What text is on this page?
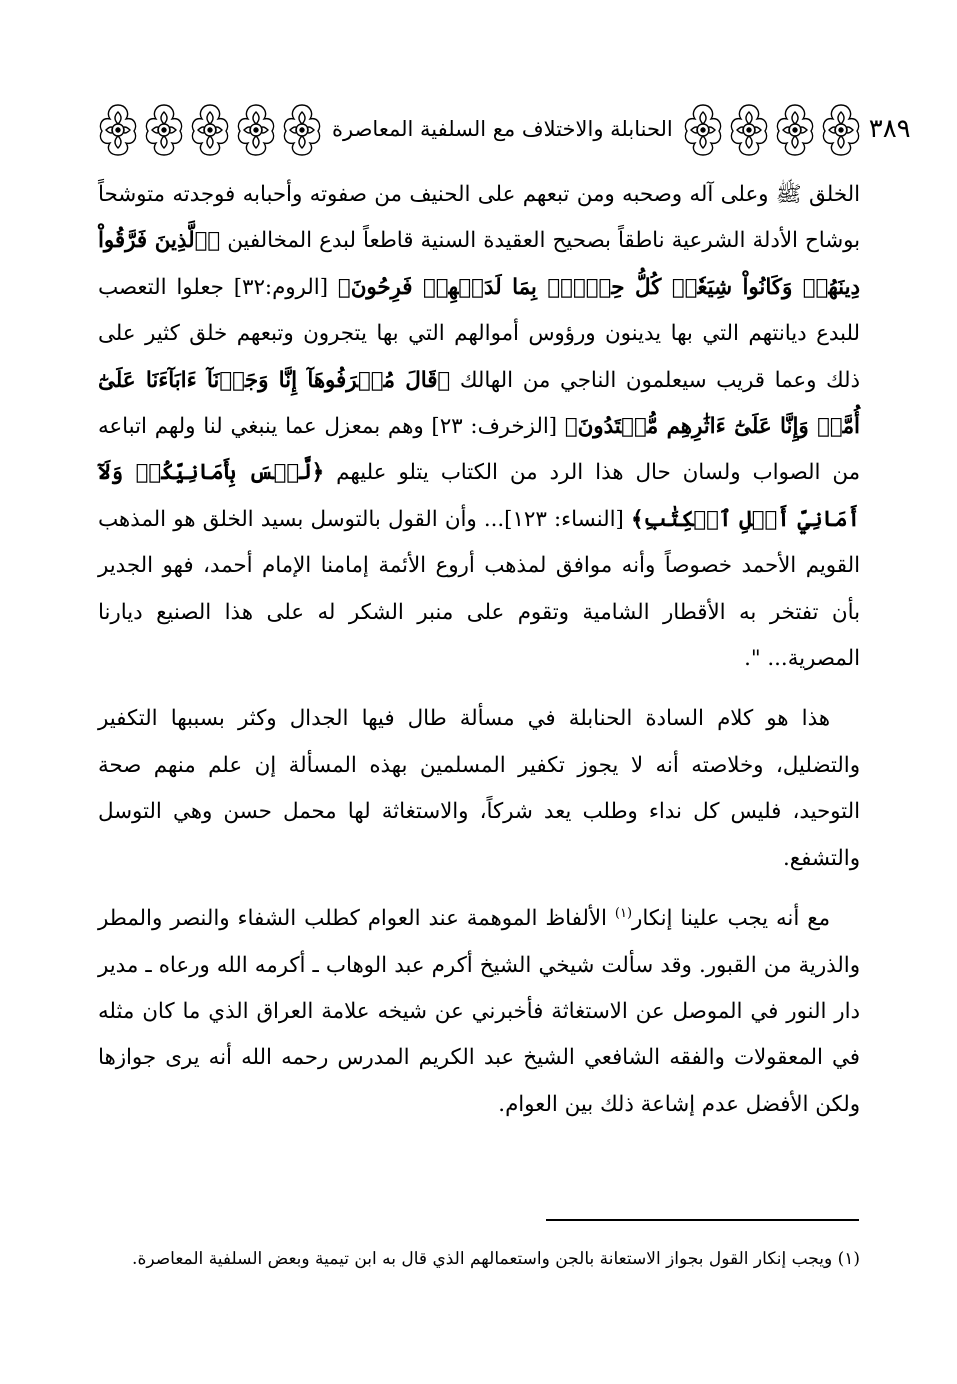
الحنابلة والاختلاف مع السلفية المعاصرة	٣٨٩

الخلق ﷺ وعلى آله وصحبه ومن تبعهم على الحنيف من صفوته وأحبابه فوجدته متوشحاً بوشاح الأدلة الشرعية ناطقاً بصحيح العقيدة السنية قاطعاً لبدع المخالفين ﴿ٱلَّذِينَ فَرَّقُواْ دِينَهُمۡ وَكَانُواْ شِيَعٗاۖ كُلُّ حِزۡبِۭ بِمَا لَدَيۡهِمۡ فَرِحُونَ﴾ [الروم:٣٢] جعلوا التعصب للبدع ديانتهم التي بها يدينون ورؤوس أموالهم التي بها يتجرون وتبعهم خلق كثير على ذلك وعما قريب سيعلمون الناجي من الهالك ﴿قَالَ مُتۡرَفُوهَآ إِنَّا وَجَدۡنَآ ءَابَآءَنَا عَلَىٰٓ أُمَّةٖ وَإِنَّا عَلَىٰٓ ءَاثَٰرِهِم مُّقۡتَدُونَ﴾ [الزخرف: ٢٣] وهم بمعزل عما ينبغي لنا ولهم اتباعه من الصواب ولسان حال هذا الرد من الكتاب يتلو عليهم ﴿لَّيۡسَ بِأَمَانِيِّكُمۡ وَلَآ أَمَانِيِّ أَهۡلِ ٱلۡكِتَٰبِ﴾ [النساء: ١٢٣]... وأن القول بالتوسل بسيد الخلق هو المذهب القويم الأحمد خصوصاً وأنه موافق لمذهب أروع الأئمة إمامنا الإمام أحمد، فهو الجدير بأن تفتخر به الأقطار الشامية وتقوم على منبر الشكر له على هذا الصنيع ديارنا المصرية... ".

هذا هو كلام السادة الحنابلة في مسألة طال فيها الجدال وكثر بسببها التكفير والتضليل، وخلاصته أنه لا يجوز تكفير المسلمين بهذه المسألة إن علم منهم صحة التوحيد، فليس كل نداء وطلب يعد شركاً، والاستغاثة لها محمل حسن وهي التوسل والتشفع.

مع أنه يجب علينا إنكار$^{(١)}$ الألفاظ الموهمة عند العوام كطلب الشفاء والنصر والمطر والذرية من القبور. وقد سألت شيخي الشيخ أكرم عبد الوهاب ـ أكرمه الله ورعاه ـ مدير دار النور في الموصل عن الاستغاثة فأخبرني عن شيخه علامة العراق الذي ما كان مثله في المعقولات والفقه الشافعي الشيخ عبد الكريم المدرس رحمه الله أنه يرى جوازها ولكن الأفضل عدم إشاعة ذلك بين العوام.

(١) ويجب إنكار القول بجواز الاستعانة بالجن واستعمالهم الذي قال به ابن تيمية وبعض السلفية المعاصرة.
